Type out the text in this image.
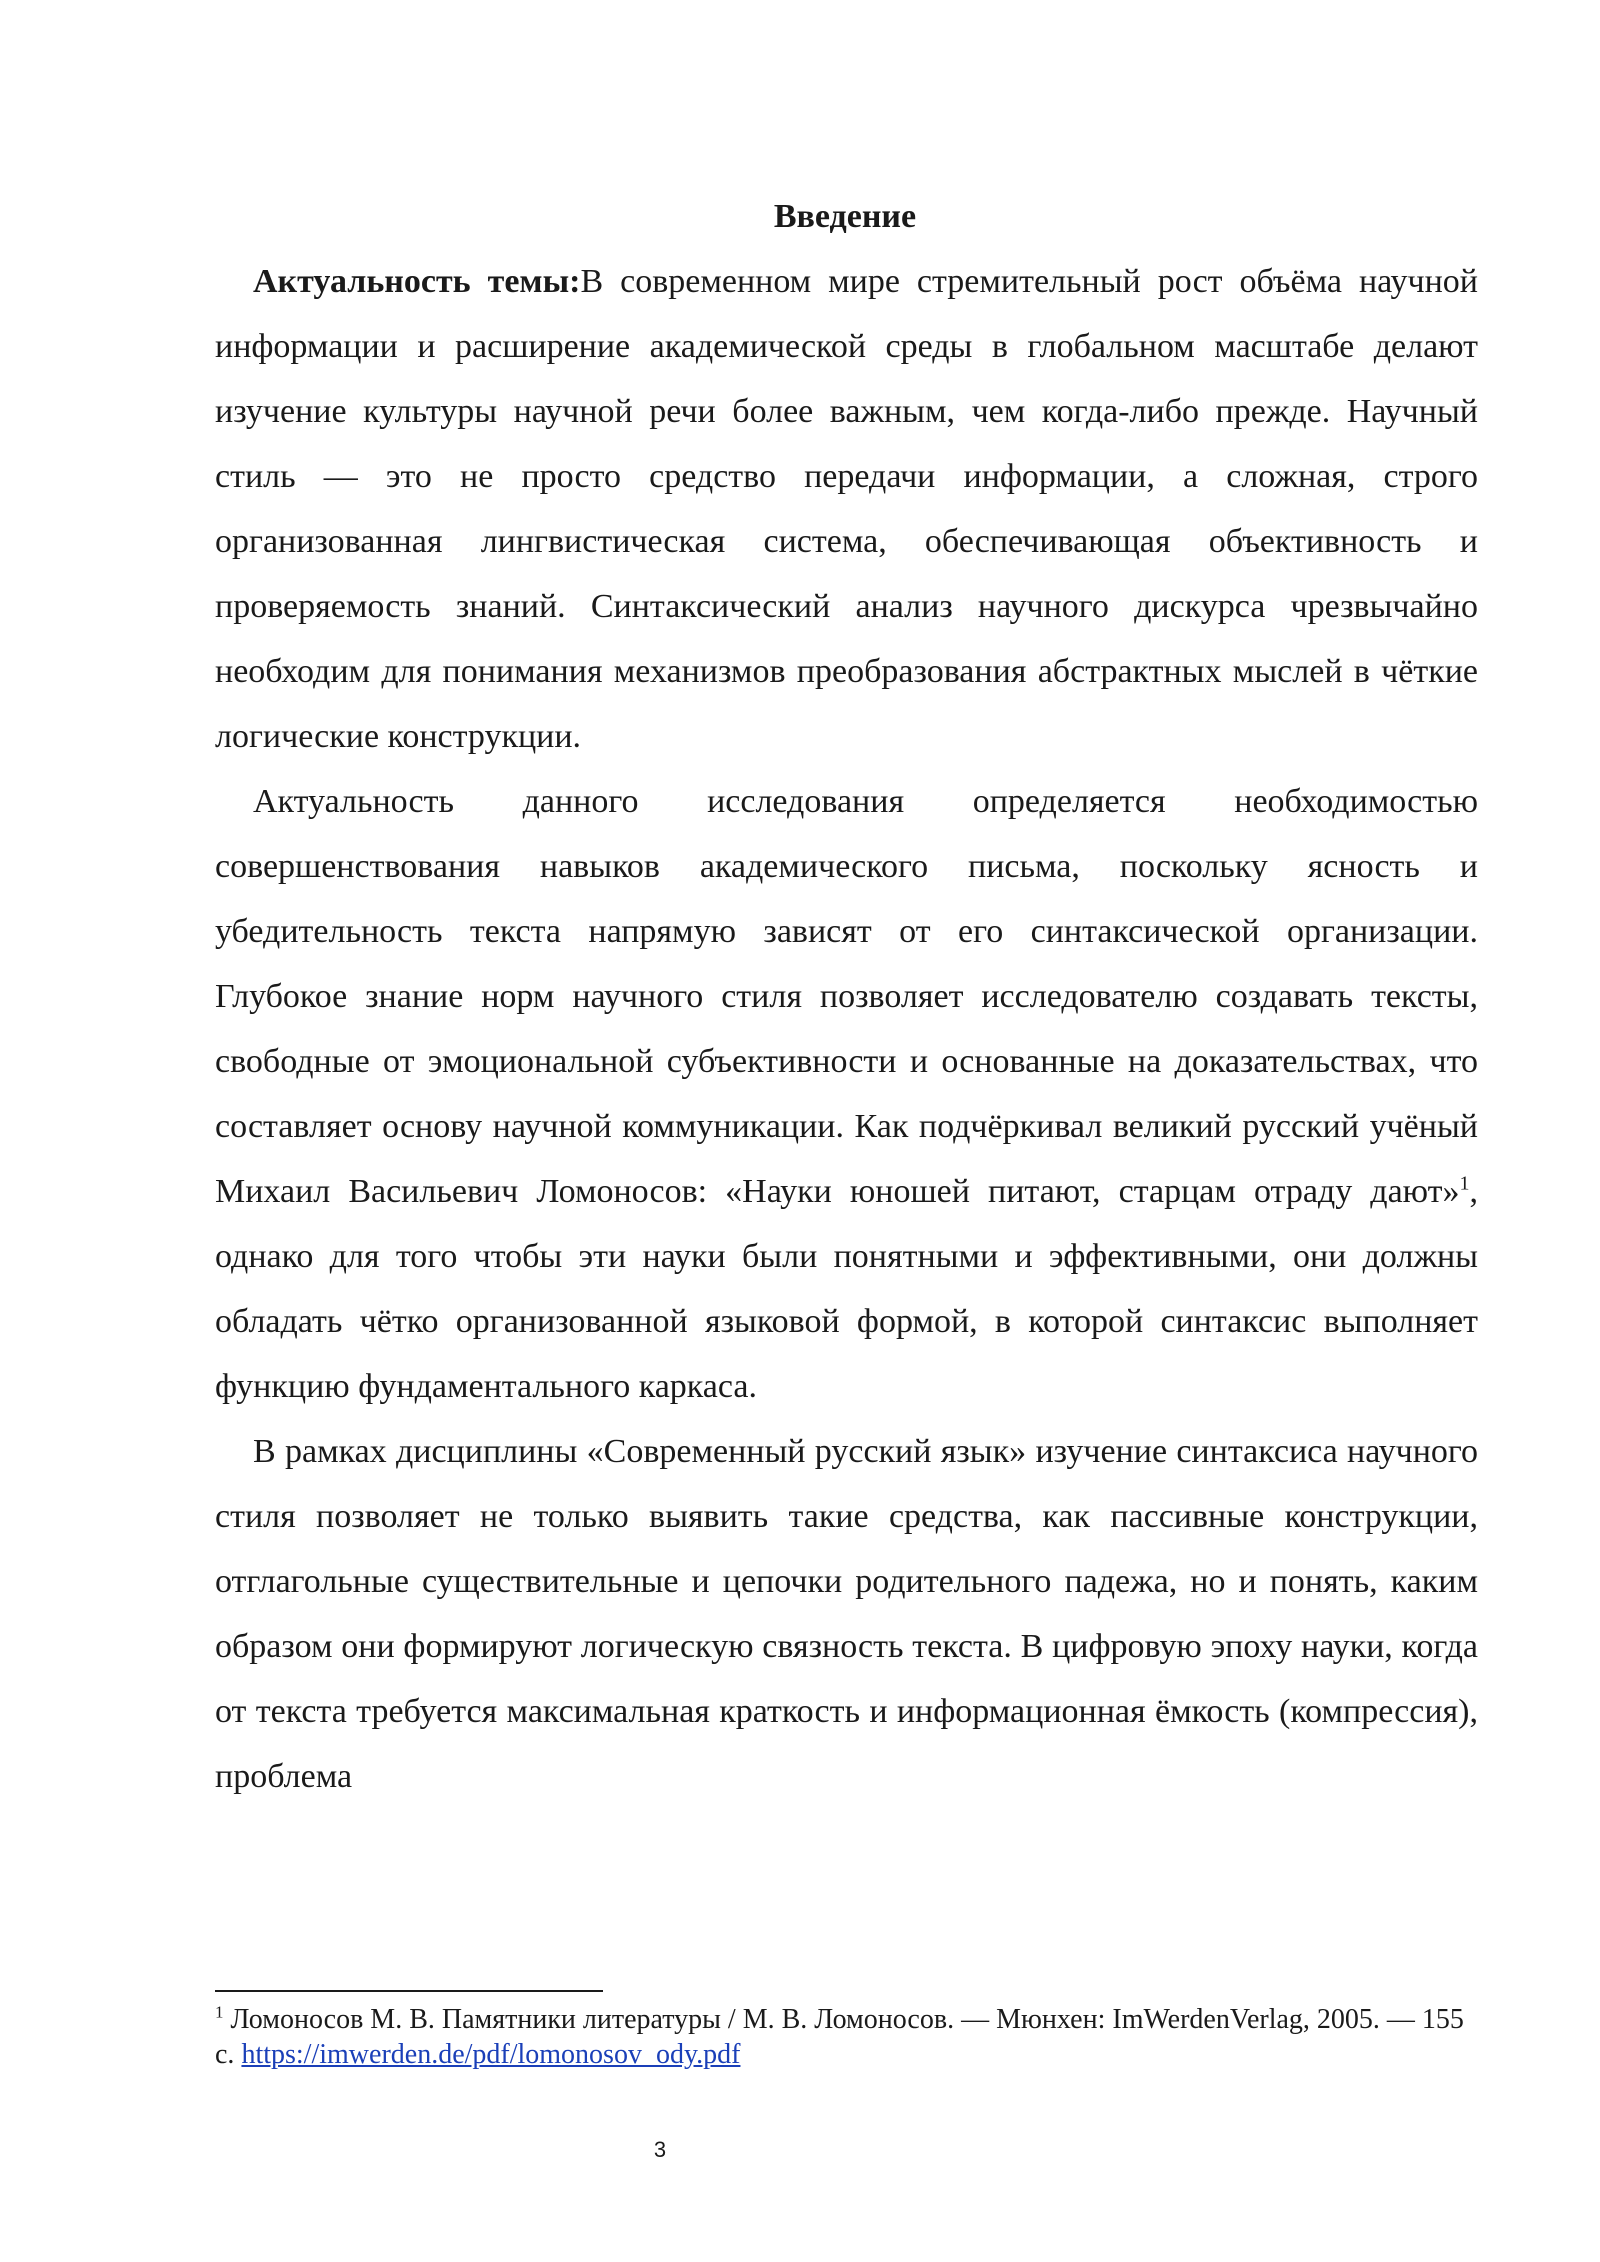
Введение

Актуальность темы:В современном мире стремительный рост объёма научной информации и расширение академической среды в глобальном масштабе делают изучение культуры научной речи более важным, чем когда-либо прежде. Научный стиль — это не просто средство передачи информации, а сложная, строго организованная лингвистическая система, обеспечивающая объективность и проверяемость знаний. Синтаксический анализ научного дискурса чрезвычайно необходим для понимания механизмов преобразования абстрактных мыслей в чёткие логические конструкции.

Актуальность данного исследования определяется необходимостью совершенствования навыков академического письма, поскольку ясность и убедительность текста напрямую зависят от его синтаксической организации. Глубокое знание норм научного стиля позволяет исследователю создавать тексты, свободные от эмоциональной субъективности и основанные на доказательствах, что составляет основу научной коммуникации. Как подчёркивал великий русский учёный Михаил Васильевич Ломоносов: «Науки юношей питают, старцам отраду дают»$^1$, однако для того чтобы эти науки были понятными и эффективными, они должны обладать чётко организованной языковой формой, в которой синтаксис выполняет функцию фундаментального каркаса.

В рамках дисциплины «Современный русский язык» изучение синтаксиса научного стиля позволяет не только выявить такие средства, как пассивные конструкции, отглагольные существительные и цепочки родительного падежа, но и понять, каким образом они формируют логическую связность текста. В цифровую эпоху науки, когда от текста требуется максимальная краткость и информационная ёмкость (компрессия), проблема

$^1$ Ломоносов М. В. Памятники литературы / М. В. Ломоносов. — Мюнхен: ImWerdenVerlag, 2005. — 155 с. https://imwerden.de/pdf/lomonosov_ody.pdf
3
